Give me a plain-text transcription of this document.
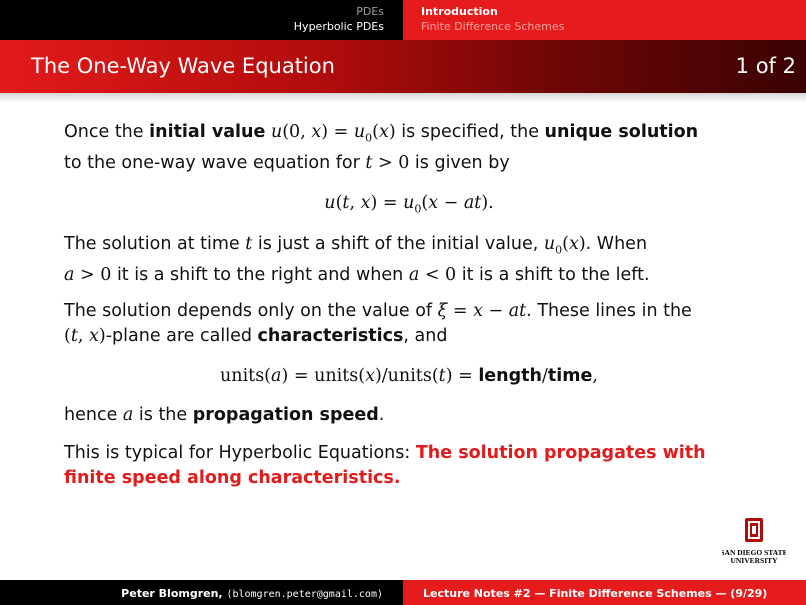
PDEs
Hyperbolic PDEs
Introduction
Finite Difference Schemes
The One-Way Wave Equation	1 of 2

Once the initial value u(0, $x) = u_0(x)$ is specified, the unique solution
to the one-way wave equation for t > 0 is given by

u(t, $x) = u_0(x - at)$.

The solution at time t is just a shift of the initial value, $u_0(x)$. When
a > 0 it is a shift to the right and when a < 0 it is a shift to the left.

The solution depends only on the value of ξ = x − at. These lines in the
(t, x)-plane are called characteristics, and

units(a) = units(x)/units(t) = length/time,

hence a is the propagation speed.

This is typical for Hyperbolic Equations: The solution propagates with finite speed along characteristics.

SAN DIEGO STATE
UNIVERSITY
Peter Blomgren, ⟨blomgren.peter@gmail.com⟩	Lecture Notes #2 — Finite Difference Schemes — (9/29)
